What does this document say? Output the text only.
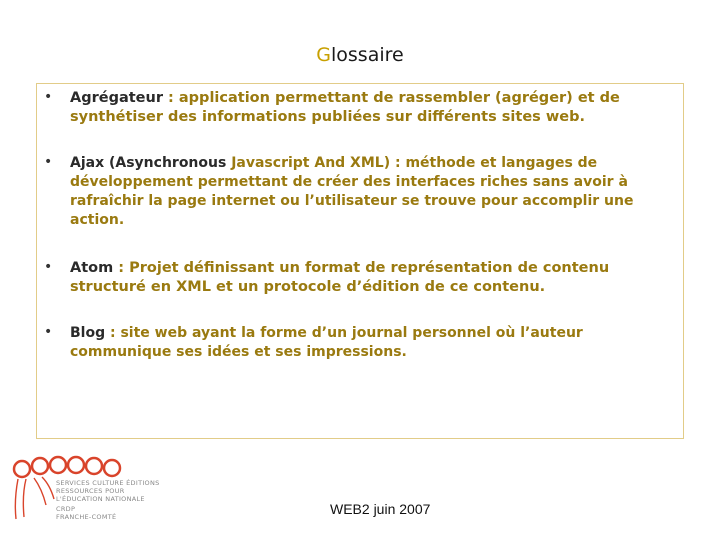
Glossaire
• Agrégateur : application permettant de rassembler (agréger) et de synthétiser des informations publiées sur différents sites web.
• Ajax (Asynchronous Javascript And XML) : méthode et langages de développement permettant de créer des interfaces riches sans avoir à rafraîchir la page internet ou l’utilisateur se trouve pour accomplir une action.
• Atom : Projet définissant un format de représentation de contenu structuré en XML et un protocole d’édition de ce contenu.
• Blog : site web ayant la forme d’un journal personnel où l’auteur communique ses idées et ses impressions.
SERVICES CULTURE ÉDITIONS
RESSOURCES POUR
L'ÉDUCATION NATIONALE
CRDP
FRANCHE-COMTÉ	WEB2 juin 2007
